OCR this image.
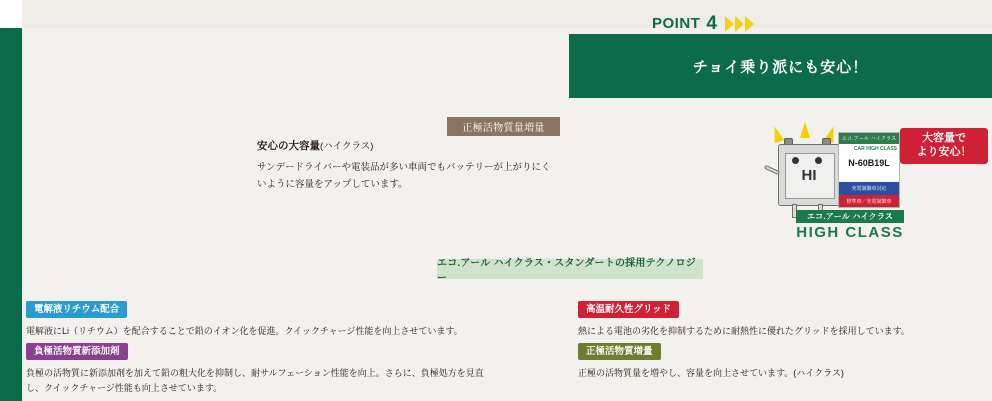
POINT 4
チョイ乗り派にも安心！
正極活物質量増量
安心の大容量(ハイクラス)
サンデードライバーや電装品が多い車両でもバッテリーが上がりにくいように容量をアップしています。
エコ.アール ハイクラス・スタンダートの採用テクノロジー
電解液リチウム配合

電解液にLi（リチウム）を配合することで鉛のイオン化を促進。クイックチャージ性能を向上させています。

負極活物質新添加剤

負極の活物質に新添加剤を加えて鉛の粗大化を抑制し、耐サルフェーション性能を向上。さらに、負極処方を見直し、クイックチャージ性能も向上させています。

高温耐久性グリッド

熱による電池の劣化を抑制するために耐熱性に優れたグリッドを採用しています。

正極活物質増量

正極の活物質量を増やし、容量を向上させています。(ハイクラス)

HI
エコ.アール ハイクラス
N-60B19L
CAR HIGH CLASS
充電制御車対応
標準車／充電制御車
大容量で
より安心！
エコ.アール ハイクラス
HIGH CLASS
